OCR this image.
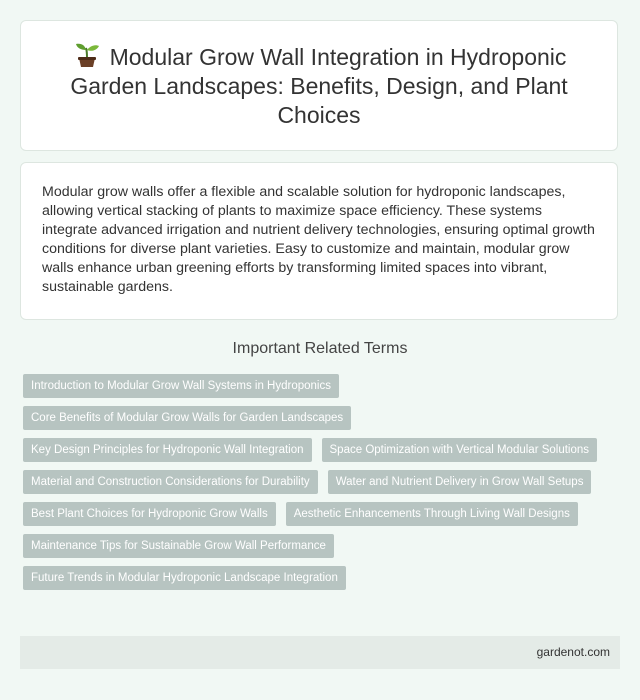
Modular Grow Wall Integration in Hydroponic Garden Landscapes: Benefits, Design, and Plant Choices

Modular grow walls offer a flexible and scalable solution for hydroponic landscapes, allowing vertical stacking of plants to maximize space efficiency. These systems integrate advanced irrigation and nutrient delivery technologies, ensuring optimal growth conditions for diverse plant varieties. Easy to customize and maintain, modular grow walls enhance urban greening efforts by transforming limited spaces into vibrant, sustainable gardens.

Important Related Terms
Introduction to Modular Grow Wall Systems in Hydroponics
Core Benefits of Modular Grow Walls for Garden Landscapes
Key Design Principles for Hydroponic Wall Integration	Space Optimization with Vertical Modular Solutions
Material and Construction Considerations for Durability	Water and Nutrient Delivery in Grow Wall Setups
Best Plant Choices for Hydroponic Grow Walls	Aesthetic Enhancements Through Living Wall Designs
Maintenance Tips for Sustainable Grow Wall Performance
Future Trends in Modular Hydroponic Landscape Integration
gardenot.com
